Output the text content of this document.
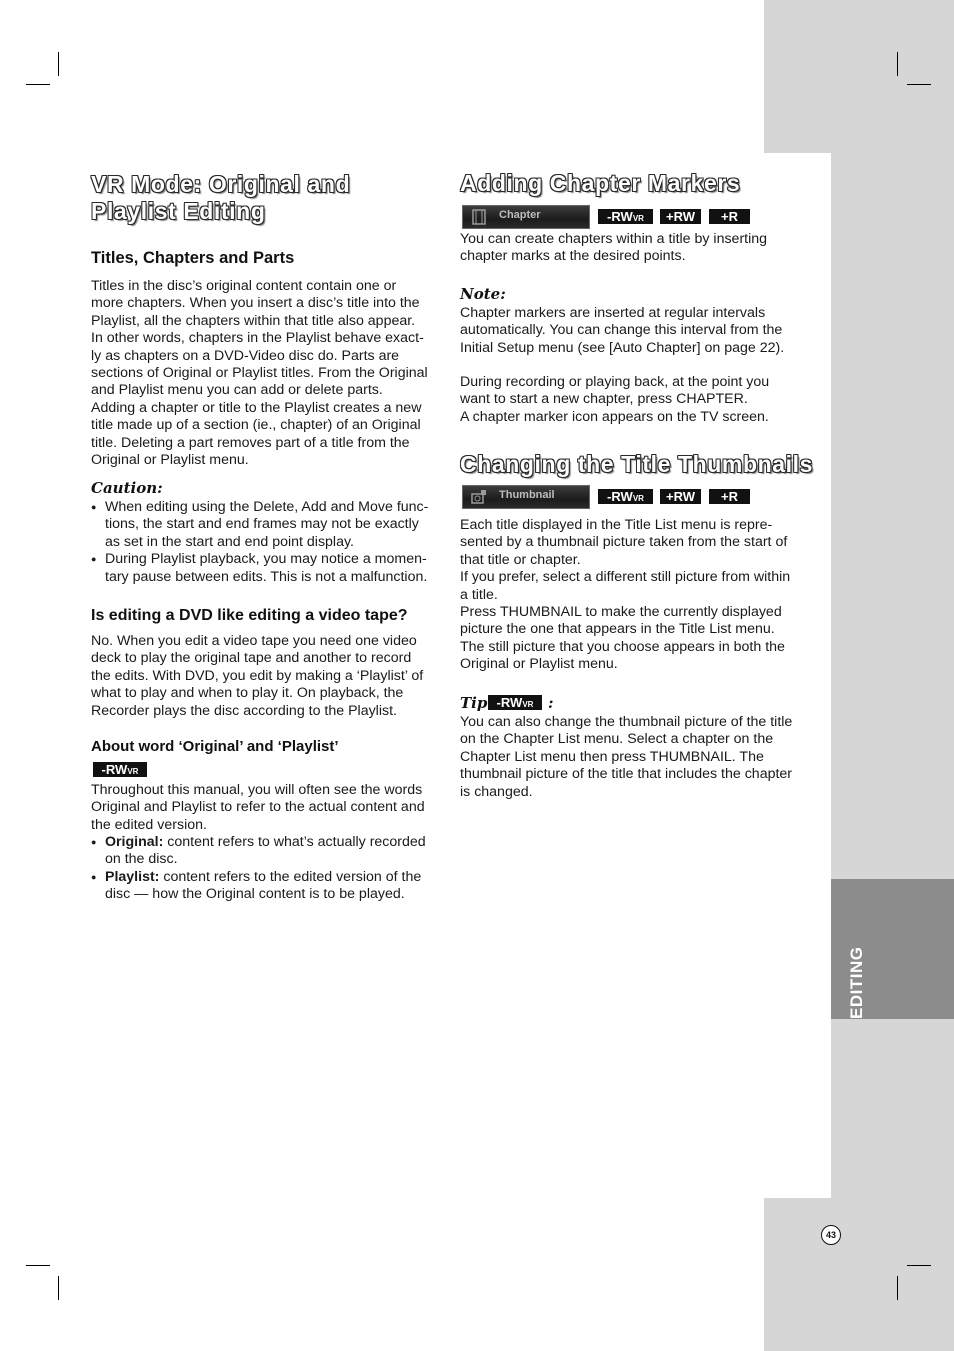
EDITING
VR Mode: Original and
Playlist Editing
Titles, Chapters and Parts
Titles in the disc’s original content contain one or
more chapters. When you insert a disc’s title into the
Playlist, all the chapters within that title also appear.
In other words, chapters in the Playlist behave exact-
ly as chapters on a DVD-Video disc do. Parts are
sections of Original or Playlist titles. From the Original
and Playlist menu you can add or delete parts.
Adding a chapter or title to the Playlist creates a new
title made up of a section (ie., chapter) of an Original
title. Deleting a part removes part of a title from the
Original or Playlist menu.
Caution:
● When editing using the Delete, Add and Move func-
tions, the start and end frames may not be exactly
as set in the start and end point display.
● During Playlist playback, you may notice a momen-
tary pause between edits. This is not a malfunction.
Is editing a DVD like editing a video tape?
No. When you edit a video tape you need one video
deck to play the original tape and another to record
the edits. With DVD, you edit by making a ‘Playlist’ of
what to play and when to play it. On playback, the
Recorder plays the disc according to the Playlist.
About word ‘Original’ and ‘Playlist’
-RWVR
Throughout this manual, you will often see the words
Original and Playlist to refer to the actual content and
the edited version.
● Original: content refers to what’s actually recorded
on the disc.
● Playlist: content refers to the edited version of the
disc — how the Original content is to be played.
Adding Chapter Markers
Chapter	-RWVR	+RW	+R
You can create chapters within a title by inserting
chapter marks at the desired points.
Note:
Chapter markers are inserted at regular intervals
automatically. You can change this interval from the
Initial Setup menu (see [Auto Chapter] on page 22).
During recording or playing back, at the point you
want to start a new chapter, press CHAPTER.
A chapter marker icon appears on the TV screen.
Changing the Title Thumbnails
Thumbnail	-RWVR	+RW	+R
Each title displayed in the Title List menu is repre-
sented by a thumbnail picture taken from the start of
that title or chapter.
If you prefer, select a different still picture from within
a title.
Press THUMBNAIL to make the currently displayed
picture the one that appears in the Title List menu.
The still picture that you choose appears in both the
Original or Playlist menu.
Tip -RWVR :
You can also change the thumbnail picture of the title
on the Chapter List menu. Select a chapter on the
Chapter List menu then press THUMBNAIL. The
thumbnail picture of the title that includes the chapter
is changed.
43
